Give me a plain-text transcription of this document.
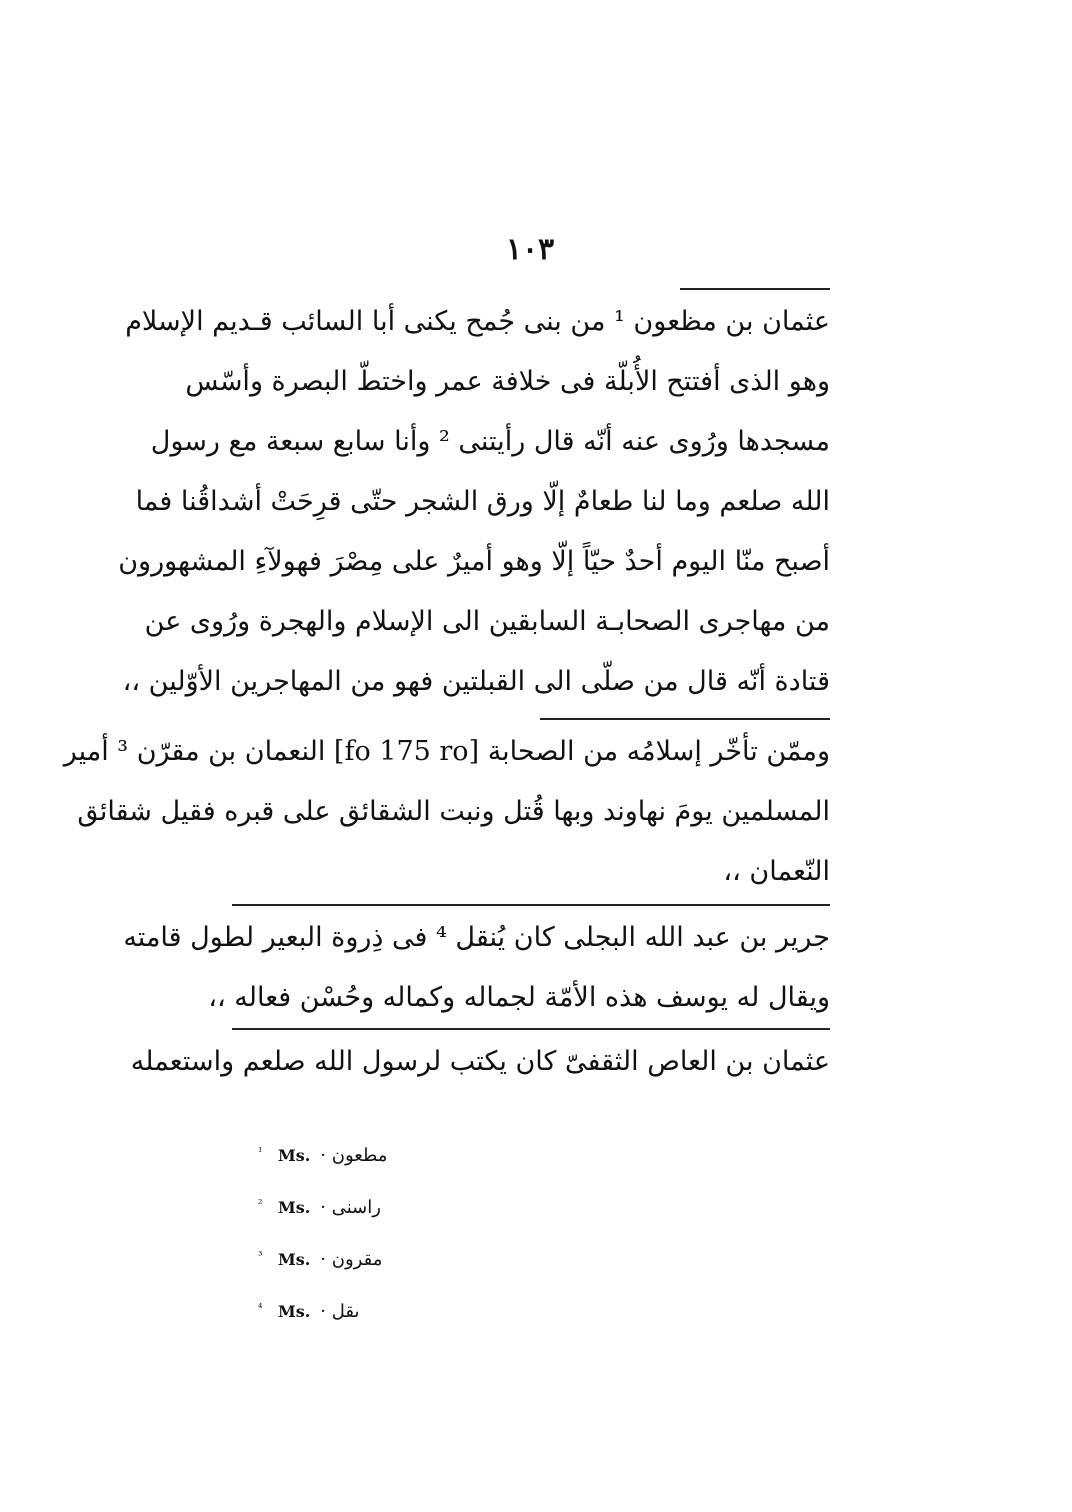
١٠٣
عثمان بن مظعون ¹ من بنى جُمح يكنى أبا السائب قـديم الإسلام
وهو الذى أفتتح الأُبلّة فى خلافة عمر واختطّ البصرة وأسّس
مسجدها ورُوى عنه أنّه قال رأيتنى ² وأنا سابع سبعة مع رسول
الله صلعم وما لنا طعامٌ إلّا ورق الشجر حتّى قرِحَتْ أشداقُنا فما
أصبح منّا اليوم أحدٌ حيّاً إلّا وهو أميرٌ على مِصْرَ فهولآءِ المشهورون
من مهاجرى الصحابـة السابقين الى الإسلام والهجرة ورُوى عن
قتادة أنّه قال من صلّى الى القبلتين فهو من المهاجرين الأوّلين ،،
وممّن تأخّر إسلامُه من الصحابة [fo 175 ro] النعمان بن مقرّن ³ أمير
المسلمين يومَ نهاوند وبها قُتل ونبت الشقائق على قبره فقيل شقائق
النّعمان ،،
جرير بن عبد الله البجلى كان يُنقل ⁴ فى ذِروة البعير لطول قامته
ويقال له يوسف هذه الأمّة لجماله وكماله وحُسْن فعاله ،،
عثمان بن العاص الثقفىّ كان يكتب لرسول الله صلعم واستعمله
¹ Ms. مطعون ·
² Ms. راسنى ·
³ Ms. مقرون ·
⁴ Ms. ىقل ·
